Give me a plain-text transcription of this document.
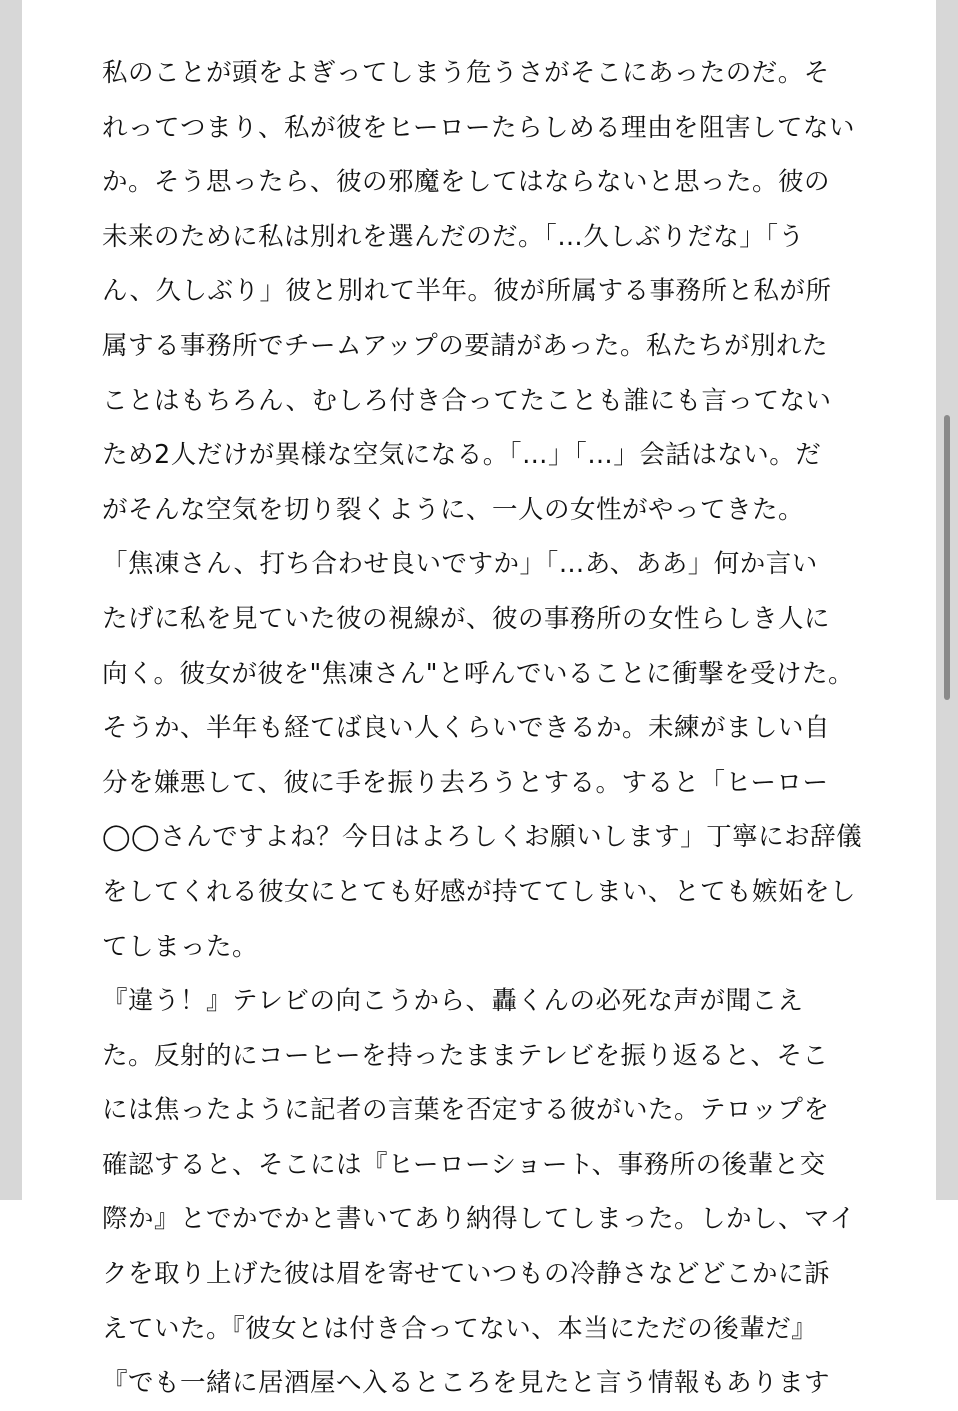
私のことが頭をよぎってしまう危うさがそこにあったのだ。そ
れってつまり、私が彼をヒーローたらしめる理由を阻害してない
か。そう思ったら、彼の邪魔をしてはならないと思った。彼の
未来のために私は別れを選んだのだ。「…久しぶりだな」「う
ん、久しぶり」彼と別れて半年。彼が所属する事務所と私が所
属する事務所でチームアップの要請があった。私たちが別れた
ことはもちろん、むしろ付き合ってたことも誰にも言ってない
ため2人だけが異様な空気になる。「…」「…」会話はない。だ
がそんな空気を切り裂くように、一人の女性がやってきた。
「焦凍さん、打ち合わせ良いですか」「…あ、ああ」何か言い
たげに私を見ていた彼の視線が、彼の事務所の女性らしき人に
向く。彼女が彼を"焦凍さん"と呼んでいることに衝撃を受けた。
そうか、半年も経てば良い人くらいできるか。未練がましい自
分を嫌悪して、彼に手を振り去ろうとする。すると「ヒーロー
◯◯さんですよね？今日はよろしくお願いします」丁寧にお辞儀
をしてくれる彼女にとても好感が持ててしまい、とても嫉妬をし
てしまった。
『違う！』テレビの向こうから、轟くんの必死な声が聞こえ
た。反射的にコーヒーを持ったままテレビを振り返ると、そこ
には焦ったように記者の言葉を否定する彼がいた。テロップを
確認すると、そこには『ヒーローショート、事務所の後輩と交
際か』とでかでかと書いてあり納得してしまった。しかし、マイ
クを取り上げた彼は眉を寄せていつもの冷静さなどどこかに訴
えていた。『彼女とは付き合ってない、本当にただの後輩だ』
『でも一緒に居酒屋へ入るところを見たと言う情報もあります
